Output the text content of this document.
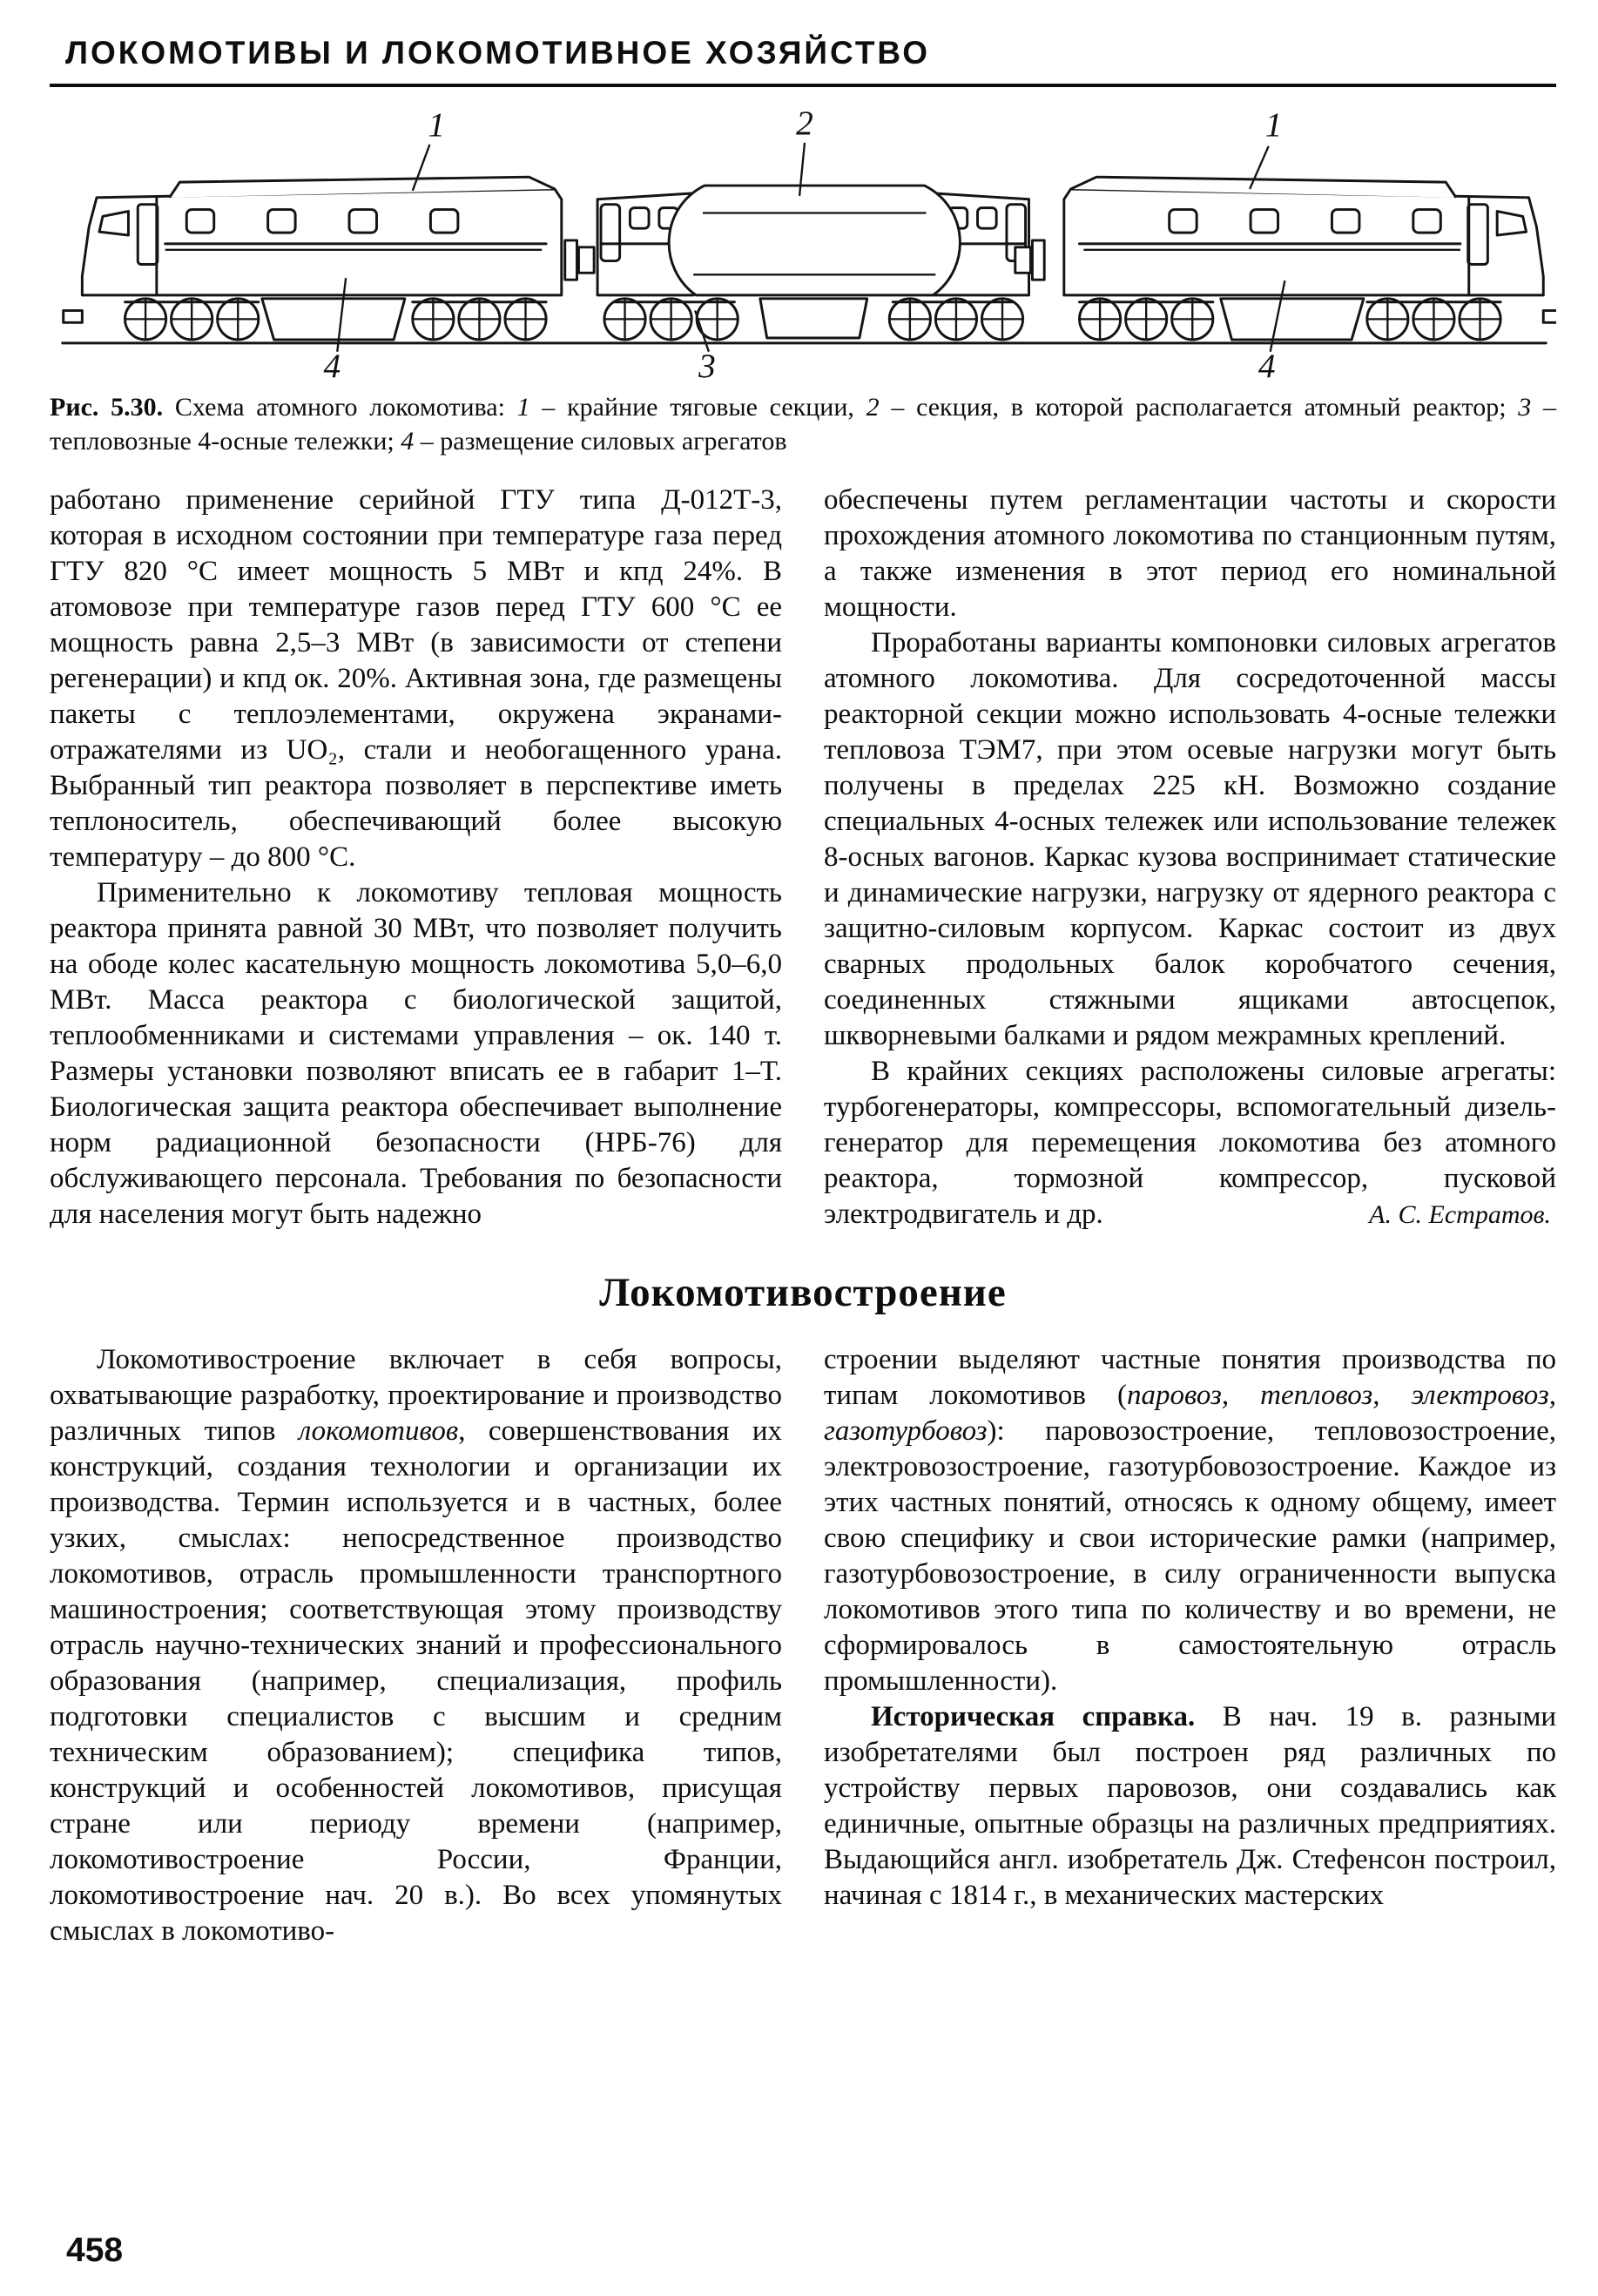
ЛОКОМОТИВЫ И ЛОКОМОТИВНОЕ ХОЗЯЙСТВО
1	2	1
4	3	4

Рис. 5.30. Схема атомного локомотива: 1 – крайние тяговые секции, 2 – секция, в которой располагается атомный реактор; 3 – тепловозные 4-осные тележки; 4 – размещение силовых агрегатов

работано применение серийной ГТУ типа Д-012Т-3, которая в исходном состоянии при температуре газа перед ГТУ 820 °С имеет мощность 5 МВт и кпд 24%. В атомовозе при температуре газов перед ГТУ 600 °С ее мощность равна 2,5–3 МВт (в зависимости от степени регенерации) и кпд ок. 20%. Активная зона, где размещены пакеты с теплоэлементами, окружена экранами-отражателями из UO₂, стали и необогащенного урана. Выбранный тип реактора позволяет в перспективе иметь теплоноситель, обеспечивающий более высокую температуру – до 800 °С.

Применительно к локомотиву тепловая мощность реактора принята равной 30 МВт, что позволяет получить на ободе колес касательную мощность локомотива 5,0–6,0 МВт. Масса реактора с биологической защитой, теплообменниками и системами управления – ок. 140 т. Размеры установки позволяют вписать ее в габарит 1–Т. Биологическая защита реактора обеспечивает выполнение норм радиационной безопасности (НРБ-76) для обслуживающего персонала. Требования по безопасности для населения могут быть надежно

обеспечены путем регламентации частоты и скорости прохождения атомного локомотива по станционным путям, а также изменения в этот период его номинальной мощности.

Проработаны варианты компоновки силовых агрегатов атомного локомотива. Для сосредоточенной массы реакторной секции можно использовать 4-осные тележки тепловоза ТЭМ7, при этом осевые нагрузки могут быть получены в пределах 225 кН. Возможно создание специальных 4-осных тележек или использование тележек 8-осных вагонов. Каркас кузова воспринимает статические и динамические нагрузки, нагрузку от ядерного реактора с защитно-силовым корпусом. Каркас состоит из двух сварных продольных балок коробчатого сечения, соединенных стяжными ящиками автосцепок, шкворневыми балками и рядом межрамных креплений.

В крайних секциях расположены силовые агрегаты: турбогенераторы, компрессоры, вспомогательный дизель-генератор для перемещения локомотива без атомного реактора, тормозной компрессор, пусковой электродвигатель и др.	А. С. Естратов.

Локомотивостроение

Локомотивостроение включает в себя вопросы, охватывающие разработку, проектирование и производство различных типов локомотивов, совершенствования их конструкций, создания технологии и организации их производства. Термин используется и в частных, более узких, смыслах: непосредственное производство локомотивов, отрасль промышленности транспортного машиностроения; соответствующая этому производству отрасль научно-технических знаний и профессионального образования (например, специализация, профиль подготовки специалистов с высшим и средним техническим образованием); специфика типов, конструкций и особенностей локомотивов, присущая стране или периоду времени (например, локомотивостроение России, Франции, локомотивостроение нач. 20 в.). Во всех упомянутых смыслах в локомотиво-

строении выделяют частные понятия производства по типам локомотивов (паровоз, тепловоз, электровоз, газотурбовоз): паровозостроение, тепловозостроение, электровозостроение, газотурбовозостроение. Каждое из этих частных понятий, относясь к одному общему, имеет свою специфику и свои исторические рамки (например, газотурбовозостроение, в силу ограниченности выпуска локомотивов этого типа по количеству и во времени, не сформировалось в самостоятельную отрасль промышленности).

Историческая справка. В нач. 19 в. разными изобретателями был построен ряд различных по устройству первых паровозов, они создавались как единичные, опытные образцы на различных предприятиях. Выдающийся англ. изобретатель Дж. Стефенсон построил, начиная с 1814 г., в механических мастерских

458
